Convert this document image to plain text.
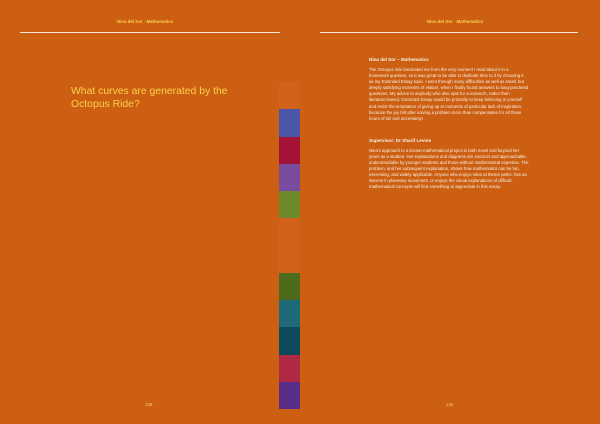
Nina del Sor · Mathematics
What curves are generated by the Octopus Ride?
126
Nina del Sor · Mathematics
126
Nina del Sor – Mathematics

The Octopus ride fascinated me from the very moment I read about it in a homework question, so it was great to be able to dedicate time to it by choosing it as my Extended Essay topic. I went through many difficulties as well as small, but deeply satisfying moments of elation, when I finally found answers to long-pondered questions. My advice to anybody who also opts for a research, rather than literature-based, Extended Essay would be primarily to keep believing in yourself and resist the temptation of giving up at moments of particular lack of inspiration, because the joy felt after solving a problem more than compensates for all these hours of toil and uncertainty!

Supervisor: Dr Sharif Levine

Nina’s approach to a known mathematical project is both novel and beyond her years as a student. Her explanations and diagrams are succinct and approachable, understandable by younger students and those without mathematical expertise. The problem, and her subsequent explanation, shows how mathematics can be fun, interesting, and widely applicable. Anyone who enjoys rides at theme parks, has an interest in planetary movement, or enjoys the visual explanations of difficult mathematical concepts will find something to appreciate in this essay.
